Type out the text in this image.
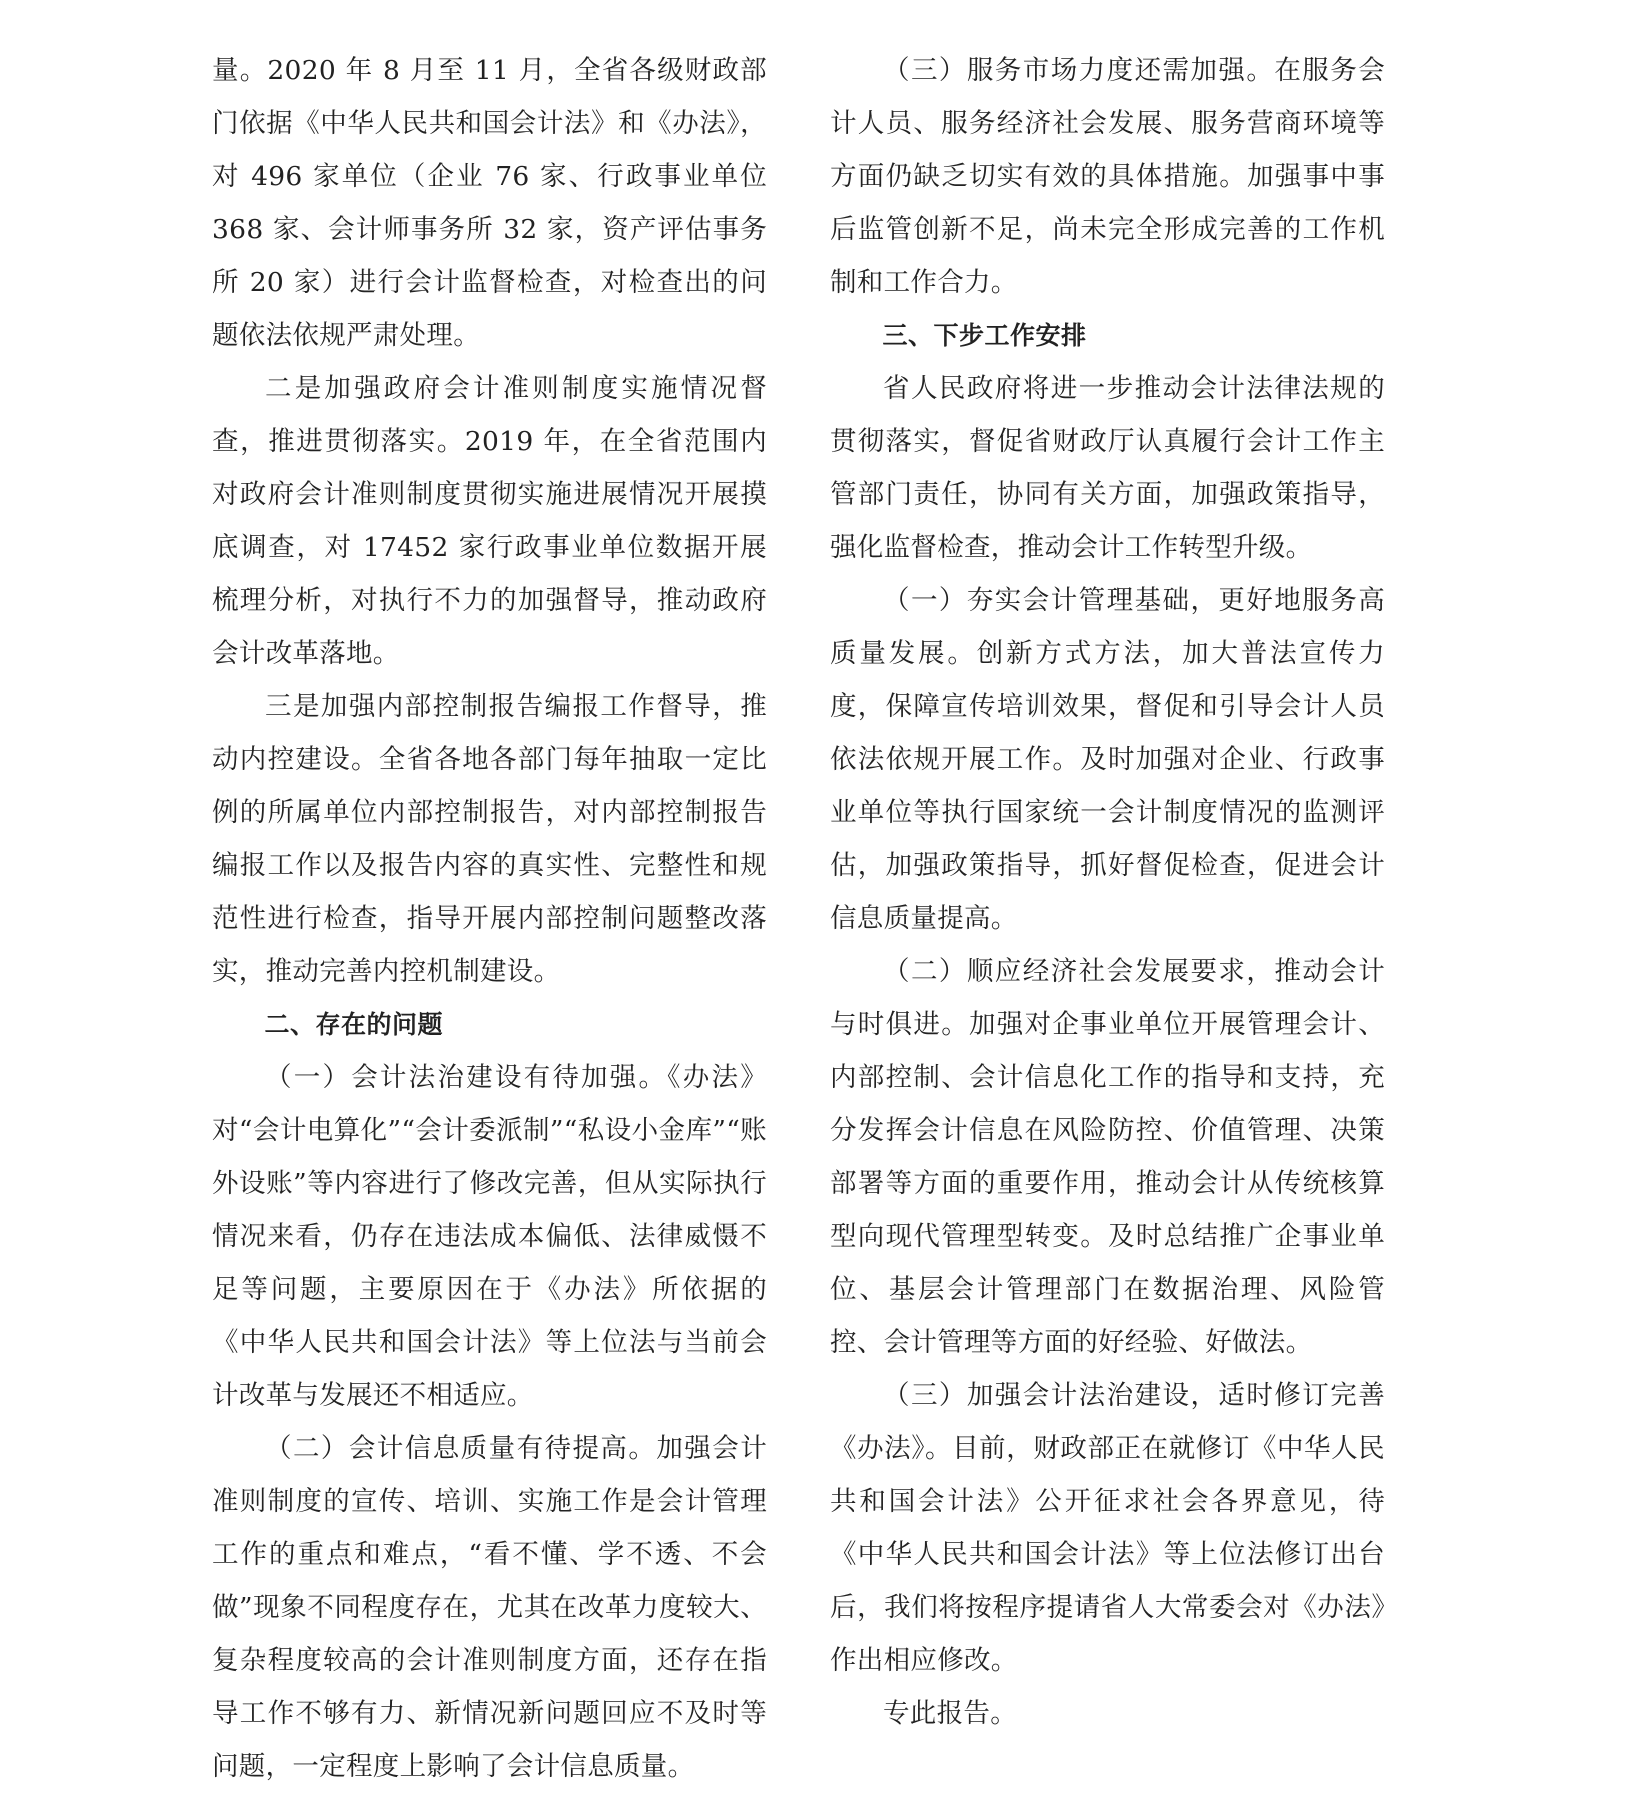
量。2020 年 8 月至 11 月，全省各级财政部门依据《中华人民共和国会计法》和《办法》，对 496 家单位（企业 76 家、行政事业单位 368 家、会计师事务所 32 家，资产评估事务所 20 家）进行会计监督检查，对检查出的问题依法依规严肃处理。

二是加强政府会计准则制度实施情况督查，推进贯彻落实。2019 年，在全省范围内对政府会计准则制度贯彻实施进展情况开展摸底调查，对 17452 家行政事业单位数据开展梳理分析，对执行不力的加强督导，推动政府会计改革落地。

三是加强内部控制报告编报工作督导，推动内控建设。全省各地各部门每年抽取一定比例的所属单位内部控制报告，对内部控制报告编报工作以及报告内容的真实性、完整性和规范性进行检查，指导开展内部控制问题整改落实，推动完善内控机制建设。

二、存在的问题

（一）会计法治建设有待加强。《办法》对“会计电算化”“会计委派制”“私设小金库”“账外设账”等内容进行了修改完善，但从实际执行情况来看，仍存在违法成本偏低、法律威慑不足等问题，主要原因在于《办法》所依据的《中华人民共和国会计法》等上位法与当前会计改革与发展还不相适应。

（二）会计信息质量有待提高。加强会计准则制度的宣传、培训、实施工作是会计管理工作的重点和难点，“看不懂、学不透、不会做”现象不同程度存在，尤其在改革力度较大、复杂程度较高的会计准则制度方面，还存在指导工作不够有力、新情况新问题回应不及时等问题，一定程度上影响了会计信息质量。

（三）服务市场力度还需加强。在服务会计人员、服务经济社会发展、服务营商环境等方面仍缺乏切实有效的具体措施。加强事中事后监管创新不足，尚未完全形成完善的工作机制和工作合力。

三、下步工作安排

省人民政府将进一步推动会计法律法规的贯彻落实，督促省财政厅认真履行会计工作主管部门责任，协同有关方面，加强政策指导，强化监督检查，推动会计工作转型升级。

（一）夯实会计管理基础，更好地服务高质量发展。创新方式方法，加大普法宣传力度，保障宣传培训效果，督促和引导会计人员依法依规开展工作。及时加强对企业、行政事业单位等执行国家统一会计制度情况的监测评估，加强政策指导，抓好督促检查，促进会计信息质量提高。

（二）顺应经济社会发展要求，推动会计与时俱进。加强对企事业单位开展管理会计、内部控制、会计信息化工作的指导和支持，充分发挥会计信息在风险防控、价值管理、决策部署等方面的重要作用，推动会计从传统核算型向现代管理型转变。及时总结推广企事业单位、基层会计管理部门在数据治理、风险管控、会计管理等方面的好经验、好做法。

（三）加强会计法治建设，适时修订完善《办法》。目前，财政部正在就修订《中华人民共和国会计法》公开征求社会各界意见，待《中华人民共和国会计法》等上位法修订出台后，我们将按程序提请省人大常委会对《办法》作出相应修改。

专此报告。
